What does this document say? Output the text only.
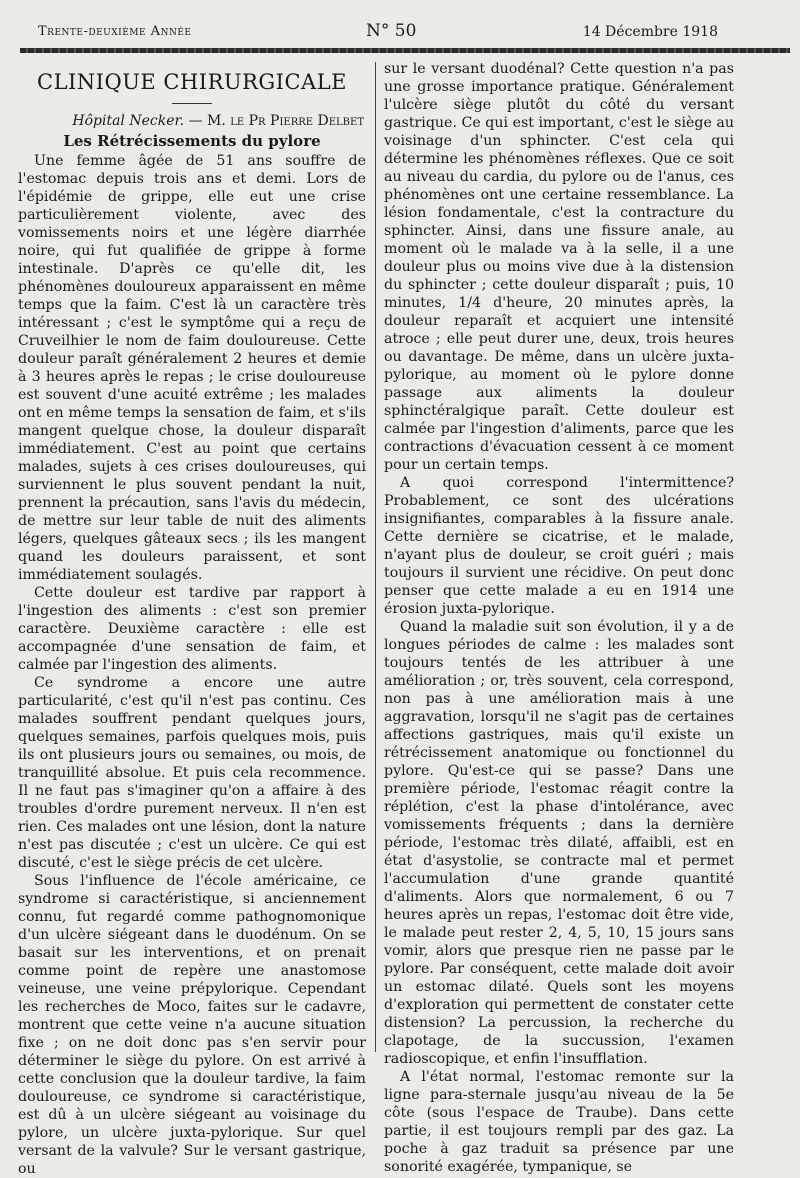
Trente-deuxième Année	N° 50	14 Décembre 1918
CLINIQUE CHIRURGICALE
Hôpital Necker. — M. le Pr Pierre Delbet
Les Rétrécissements du pylore

Une femme âgée de 51 ans souffre de l'estomac depuis trois ans et demi. Lors de l'épidémie de grippe, elle eut une crise particulièrement violente, avec des vomissements noirs et une légère diarrhée noire, qui fut qualifiée de grippe à forme intestinale. D'après ce qu'elle dit, les phénomènes douloureux apparaissent en même temps que la faim. C'est là un caractère très intéressant ; c'est le symptôme qui a reçu de Cruveilhier le nom de faim douloureuse. Cette douleur paraît généralement 2 heures et demie à 3 heures après le repas ; le crise douloureuse est souvent d'une acuité extrême ; les malades ont en même temps la sensation de faim, et s'ils mangent quelque chose, la douleur disparaît immédiatement. C'est au point que certains malades, sujets à ces crises douloureuses, qui surviennent le plus souvent pendant la nuit, prennent la précaution, sans l'avis du médecin, de mettre sur leur table de nuit des aliments légers, quelques gâteaux secs ; ils les mangent quand les douleurs paraissent, et sont immédiatement soulagés.

Cette douleur est tardive par rapport à l'ingestion des aliments : c'est son premier caractère. Deuxième caractère : elle est accompagnée d'une sensation de faim, et calmée par l'ingestion des aliments.

Ce syndrome a encore une autre particularité, c'est qu'il n'est pas continu. Ces malades souffrent pendant quelques jours, quelques semaines, parfois quelques mois, puis ils ont plusieurs jours ou semaines, ou mois, de tranquillité absolue. Et puis cela recommence. Il ne faut pas s'imaginer qu'on a affaire à des troubles d'ordre purement nerveux. Il n'en est rien. Ces malades ont une lésion, dont la nature n'est pas discutée ; c'est un ulcère. Ce qui est discuté, c'est le siège précis de cet ulcère.

Sous l'influence de l'école américaine, ce syndrome si caractéristique, si anciennement connu, fut regardé comme pathognomonique d'un ulcère siégeant dans le duodénum. On se basait sur les interventions, et on prenait comme point de repère une anastomose veineuse, une veine prépylorique. Cependant les recherches de Moco, faites sur le cadavre, montrent que cette veine n'a aucune situation fixe ; on ne doit donc pas s'en servir pour déterminer le siège du pylore. On est arrivé à cette conclusion que la douleur tardive, la faim douloureuse, ce syndrome si caractéristique, est dû à un ulcère siégeant au voisinage du pylore, un ulcère juxta-pylorique. Sur quel versant de la valvule? Sur le versant gastrique, ou

sur le versant duodénal? Cette question n'a pas une grosse importance pratique. Généralement l'ulcère siège plutôt du côté du versant gastrique. Ce qui est important, c'est le siège au voisinage d'un sphincter. C'est cela qui détermine les phénomènes réflexes. Que ce soit au niveau du cardia, du pylore ou de l'anus, ces phénomènes ont une certaine ressemblance. La lésion fondamentale, c'est la contracture du sphincter. Ainsi, dans une fissure anale, au moment où le malade va à la selle, il a une douleur plus ou moins vive due à la distension du sphincter ; cette douleur disparaît ; puis, 10 minutes, 1/4 d'heure, 20 minutes après, la douleur reparaît et acquiert une intensité atroce ; elle peut durer une, deux, trois heures ou davantage. De même, dans un ulcère juxta-pylorique, au moment où le pylore donne passage aux aliments la douleur sphinctéralgique paraît. Cette douleur est calmée par l'ingestion d'aliments, parce que les contractions d'évacuation cessent à ce moment pour un certain temps.

A quoi correspond l'intermittence? Probablement, ce sont des ulcérations insignifiantes, comparables à la fissure anale. Cette dernière se cicatrise, et le malade, n'ayant plus de douleur, se croit guéri ; mais toujours il survient une récidive. On peut donc penser que cette malade a eu en 1914 une érosion juxta-pylorique.

Quand la maladie suit son évolution, il y a de longues périodes de calme : les malades sont toujours tentés de les attribuer à une amélioration ; or, très souvent, cela correspond, non pas à une amélioration mais à une aggravation, lorsqu'il ne s'agit pas de certaines affections gastriques, mais qu'il existe un rétrécissement anatomique ou fonctionnel du pylore. Qu'est-ce qui se passe? Dans une première période, l'estomac réagit contre la réplétion, c'est la phase d'intolérance, avec vomissements fréquents ; dans la dernière période, l'estomac très dilaté, affaibli, est en état d'asystolie, se contracte mal et permet l'accumulation d'une grande quantité d'aliments. Alors que normalement, 6 ou 7 heures après un repas, l'estomac doit être vide, le malade peut rester 2, 4, 5, 10, 15 jours sans vomir, alors que presque rien ne passe par le pylore. Par conséquent, cette malade doit avoir un estomac dilaté. Quels sont les moyens d'exploration qui permettent de constater cette distension? La percussion, la recherche du clapotage, de la succussion, l'examen radioscopique, et enfin l'insufflation.

A l'état normal, l'estomac remonte sur la ligne para-sternale jusqu'au niveau de la 5e côte (sous l'espace de Traube). Dans cette partie, il est toujours rempli par des gaz. La poche à gaz traduit sa présence par une sonorité exagérée, tympanique, se
